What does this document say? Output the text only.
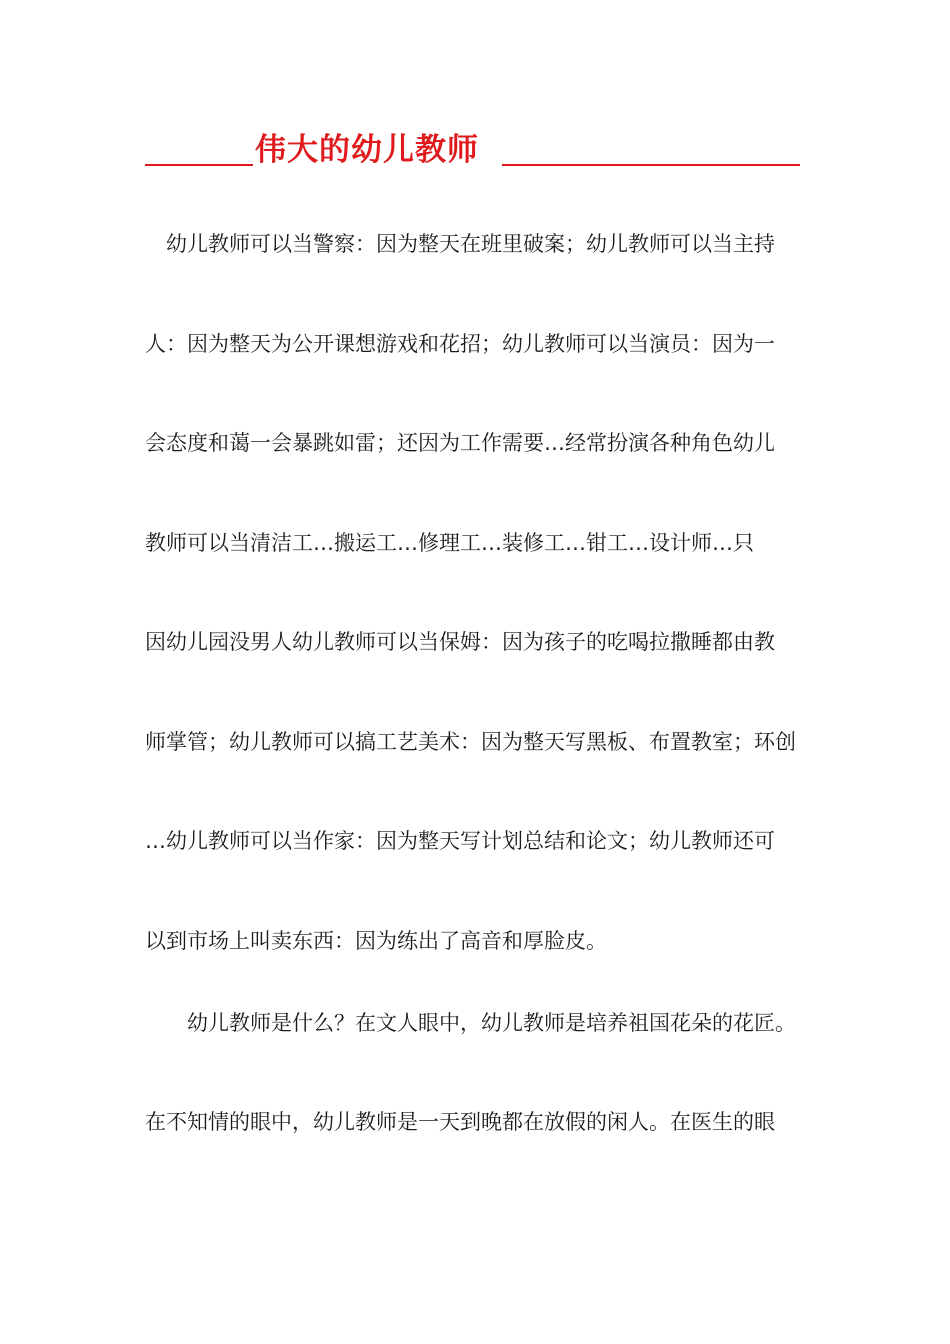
伟大的幼儿教师
　幼儿教师可以当警察：因为整天在班里破案；幼儿教师可以当主持
人：因为整天为公开课想游戏和花招；幼儿教师可以当演员：因为一
会态度和蔼一会暴跳如雷；还因为工作需要…经常扮演各种角色幼儿
教师可以当清洁工…搬运工…修理工…装修工…钳工…设计师…只
因幼儿园没男人幼儿教师可以当保姆：因为孩子的吃喝拉撒睡都由教
师掌管；幼儿教师可以搞工艺美术：因为整天写黑板、布置教室；环创
…幼儿教师可以当作家：因为整天写计划总结和论文；幼儿教师还可
以到市场上叫卖东西：因为练出了高音和厚脸皮。
　　幼儿教师是什么？在文人眼中，幼儿教师是培养祖国花朵的花匠。
在不知情的眼中，幼儿教师是一天到晚都在放假的闲人。在医生的眼
